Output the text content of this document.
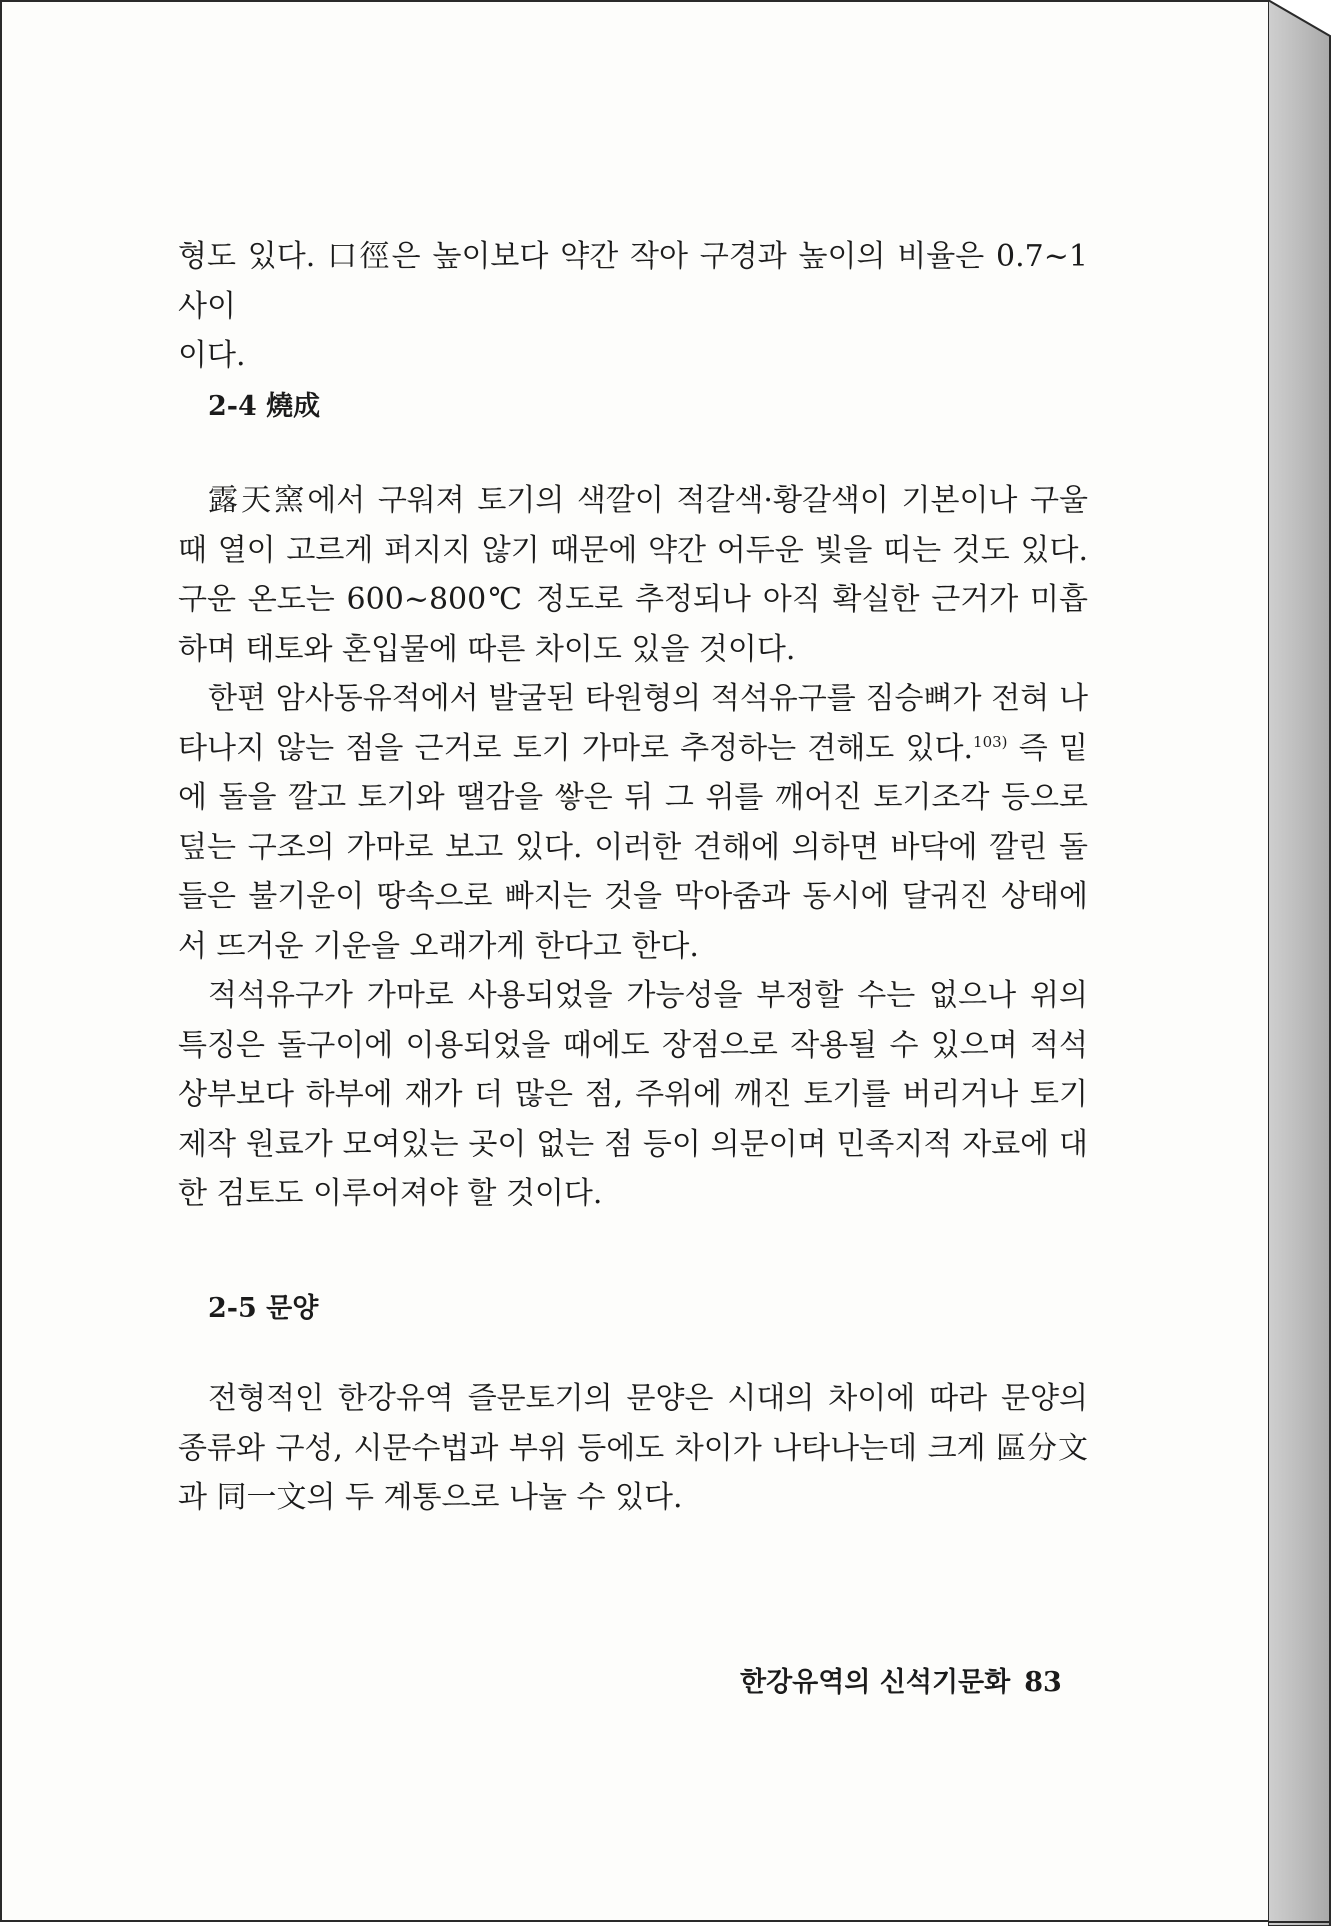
형도 있다. 口徑은 높이보다 약간 작아 구경과 높이의 비율은 0.7~1 사이
이다.
2-4 燒成

露天窯에서 구워져 토기의 색깔이 적갈색·황갈색이 기본이나 구울 때 열이 고르게 퍼지지 않기 때문에 약간 어두운 빛을 띠는 것도 있다. 구운 온도는 600~800℃ 정도로 추정되나 아직 확실한 근거가 미흡하며 태토와 혼입물에 따른 차이도 있을 것이다.

한편 암사동유적에서 발굴된 타원형의 적석유구를 짐승뼈가 전혀 나타나지 않는 점을 근거로 토기 가마로 추정하는 견해도 있다.$^{103)}$ 즉 밑에 돌을 깔고 토기와 땔감을 쌓은 뒤 그 위를 깨어진 토기조각 등으로 덮는 구조의 가마로 보고 있다. 이러한 견해에 의하면 바닥에 깔린 돌들은 불기운이 땅속으로 빠지는 것을 막아줌과 동시에 달궈진 상태에서 뜨거운 기운을 오래가게 한다고 한다.

적석유구가 가마로 사용되었을 가능성을 부정할 수는 없으나 위의 특징은 돌구이에 이용되었을 때에도 장점으로 작용될 수 있으며 적석 상부보다 하부에 재가 더 많은 점, 주위에 깨진 토기를 버리거나 토기제작 원료가 모여있는 곳이 없는 점 등이 의문이며 민족지적 자료에 대한 검토도 이루어져야 할 것이다.

2-5 문양

전형적인 한강유역 즐문토기의 문양은 시대의 차이에 따라 문양의 종류와 구성, 시문수법과 부위 등에도 차이가 나타나는데 크게 區分文과 同一文의 두 계통으로 나눌 수 있다.

한강유역의 신석기문화 83
